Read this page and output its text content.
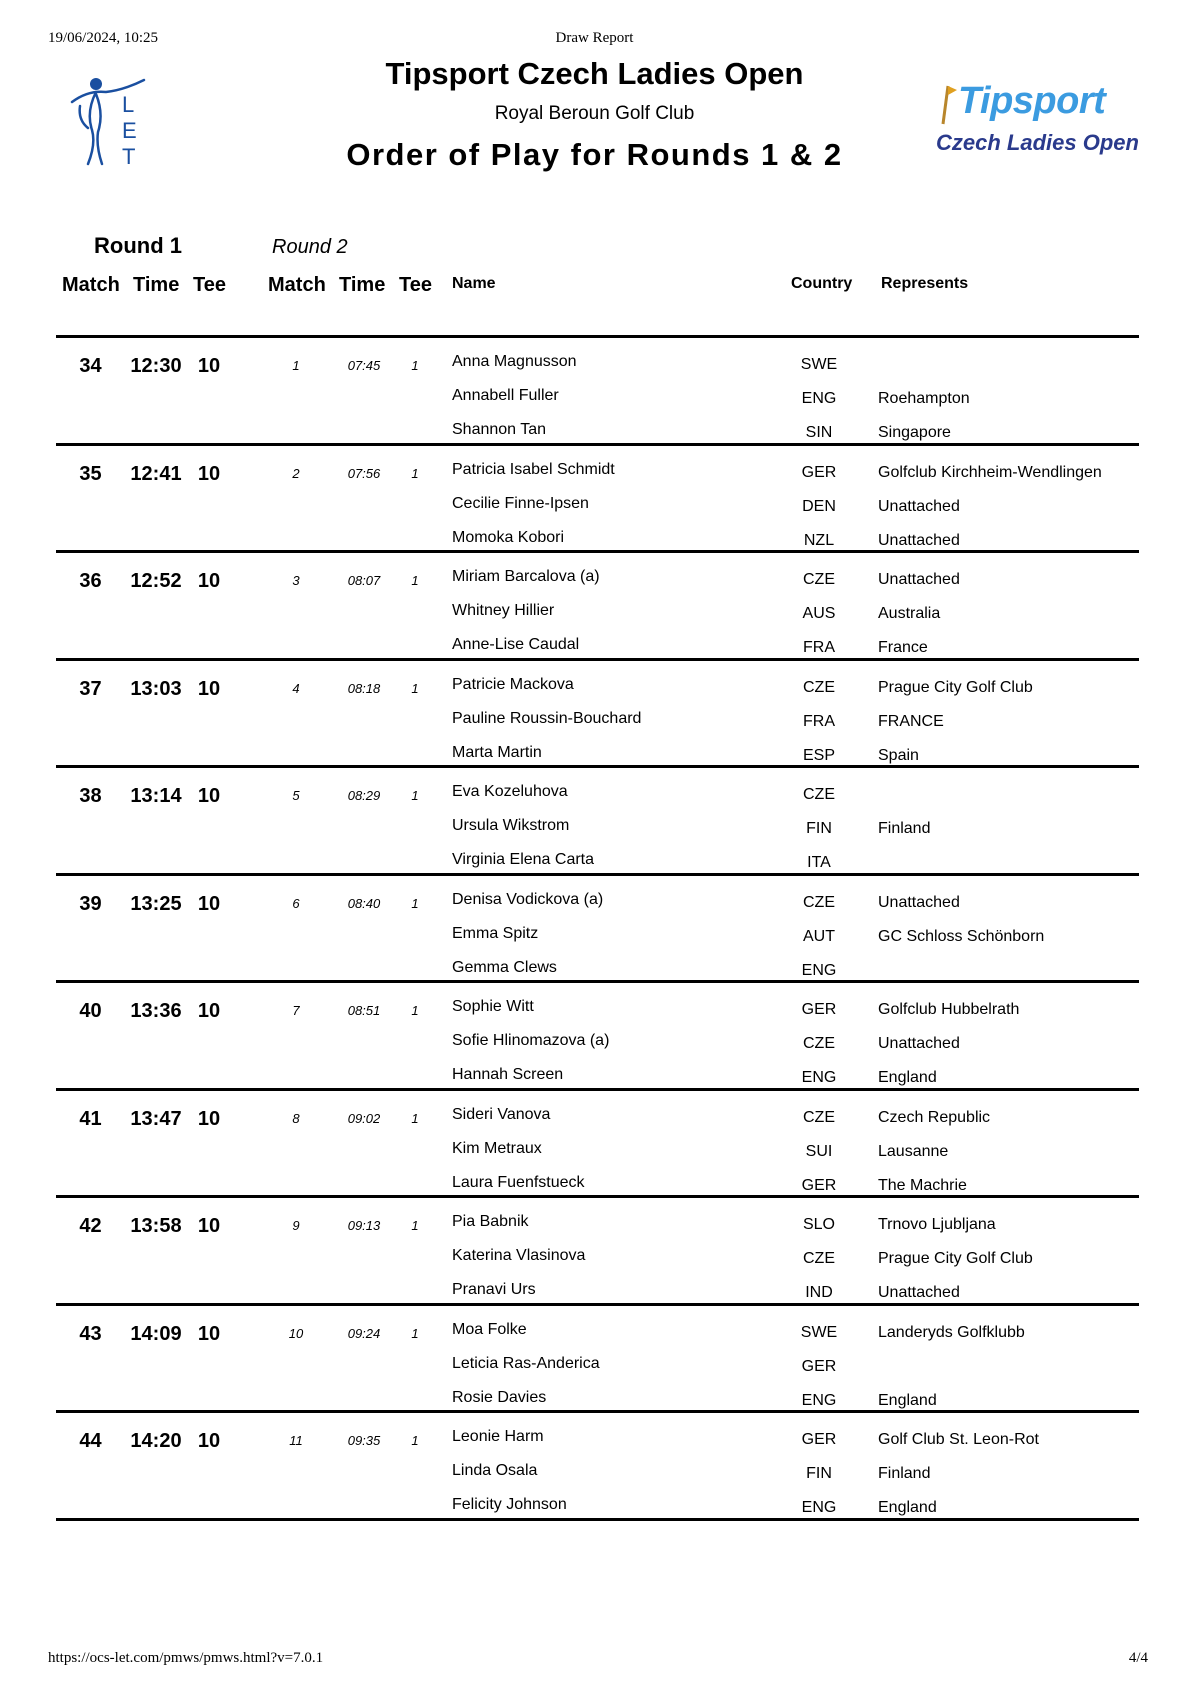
19/06/2024, 10:25	Draw Report
https://ocs-let.com/pmws/pmws.html?v=7.0.1	4/4
L
E
T
Tipsport
Czech Ladies Open
Tipsport Czech Ladies Open
Royal Beroun Golf Club
Order of Play for Rounds 1 & 2
Round 1	Round 2
Match Time Tee Match Time Tee Name	Country Represents
34	12:30 10	1	07:45	1	Anna Magnusson	SWE
Annabell Fuller	ENG	Roehampton
Shannon Tan	SIN	Singapore
35	12:41 10	2	07:56	1	Patricia Isabel Schmidt	GER	Golfclub Kirchheim-Wendlingen
Cecilie Finne-Ipsen	DEN	Unattached
Momoka Kobori	NZL	Unattached
36	12:52 10	3	08:07	1	Miriam Barcalova (a)	CZE	Unattached
Whitney Hillier	AUS	Australia
Anne-Lise Caudal	FRA	France
37	13:03 10	4	08:18	1	Patricie Mackova	CZE	Prague City Golf Club
Pauline Roussin-Bouchard	FRA	FRANCE
Marta Martin	ESP	Spain
38	13:14 10	5	08:29	1	Eva Kozeluhova	CZE
Ursula Wikstrom	FIN	Finland
Virginia Elena Carta	ITA
39	13:25 10	6	08:40	1	Denisa Vodickova (a)	CZE	Unattached
Emma Spitz	AUT	GC Schloss Schönborn
Gemma Clews	ENG
40	13:36 10	7	08:51	1	Sophie Witt	GER	Golfclub Hubbelrath
Sofie Hlinomazova (a)	CZE	Unattached
Hannah Screen	ENG	England
41	13:47 10	8	09:02	1	Sideri Vanova	CZE	Czech Republic
Kim Metraux	SUI	Lausanne
Laura Fuenfstueck	GER	The Machrie
42	13:58 10	9	09:13	1	Pia Babnik	SLO	Trnovo Ljubljana
Katerina Vlasinova	CZE	Prague City Golf Club
Pranavi Urs	IND	Unattached
43	14:09 10	10	09:24	1	Moa Folke	SWE	Landeryds Golfklubb
Leticia Ras-Anderica	GER
Rosie Davies	ENG	England
44	14:20 10	11	09:35	1	Leonie Harm	GER	Golf Club St. Leon-Rot
Linda Osala	FIN	Finland
Felicity Johnson	ENG	England
